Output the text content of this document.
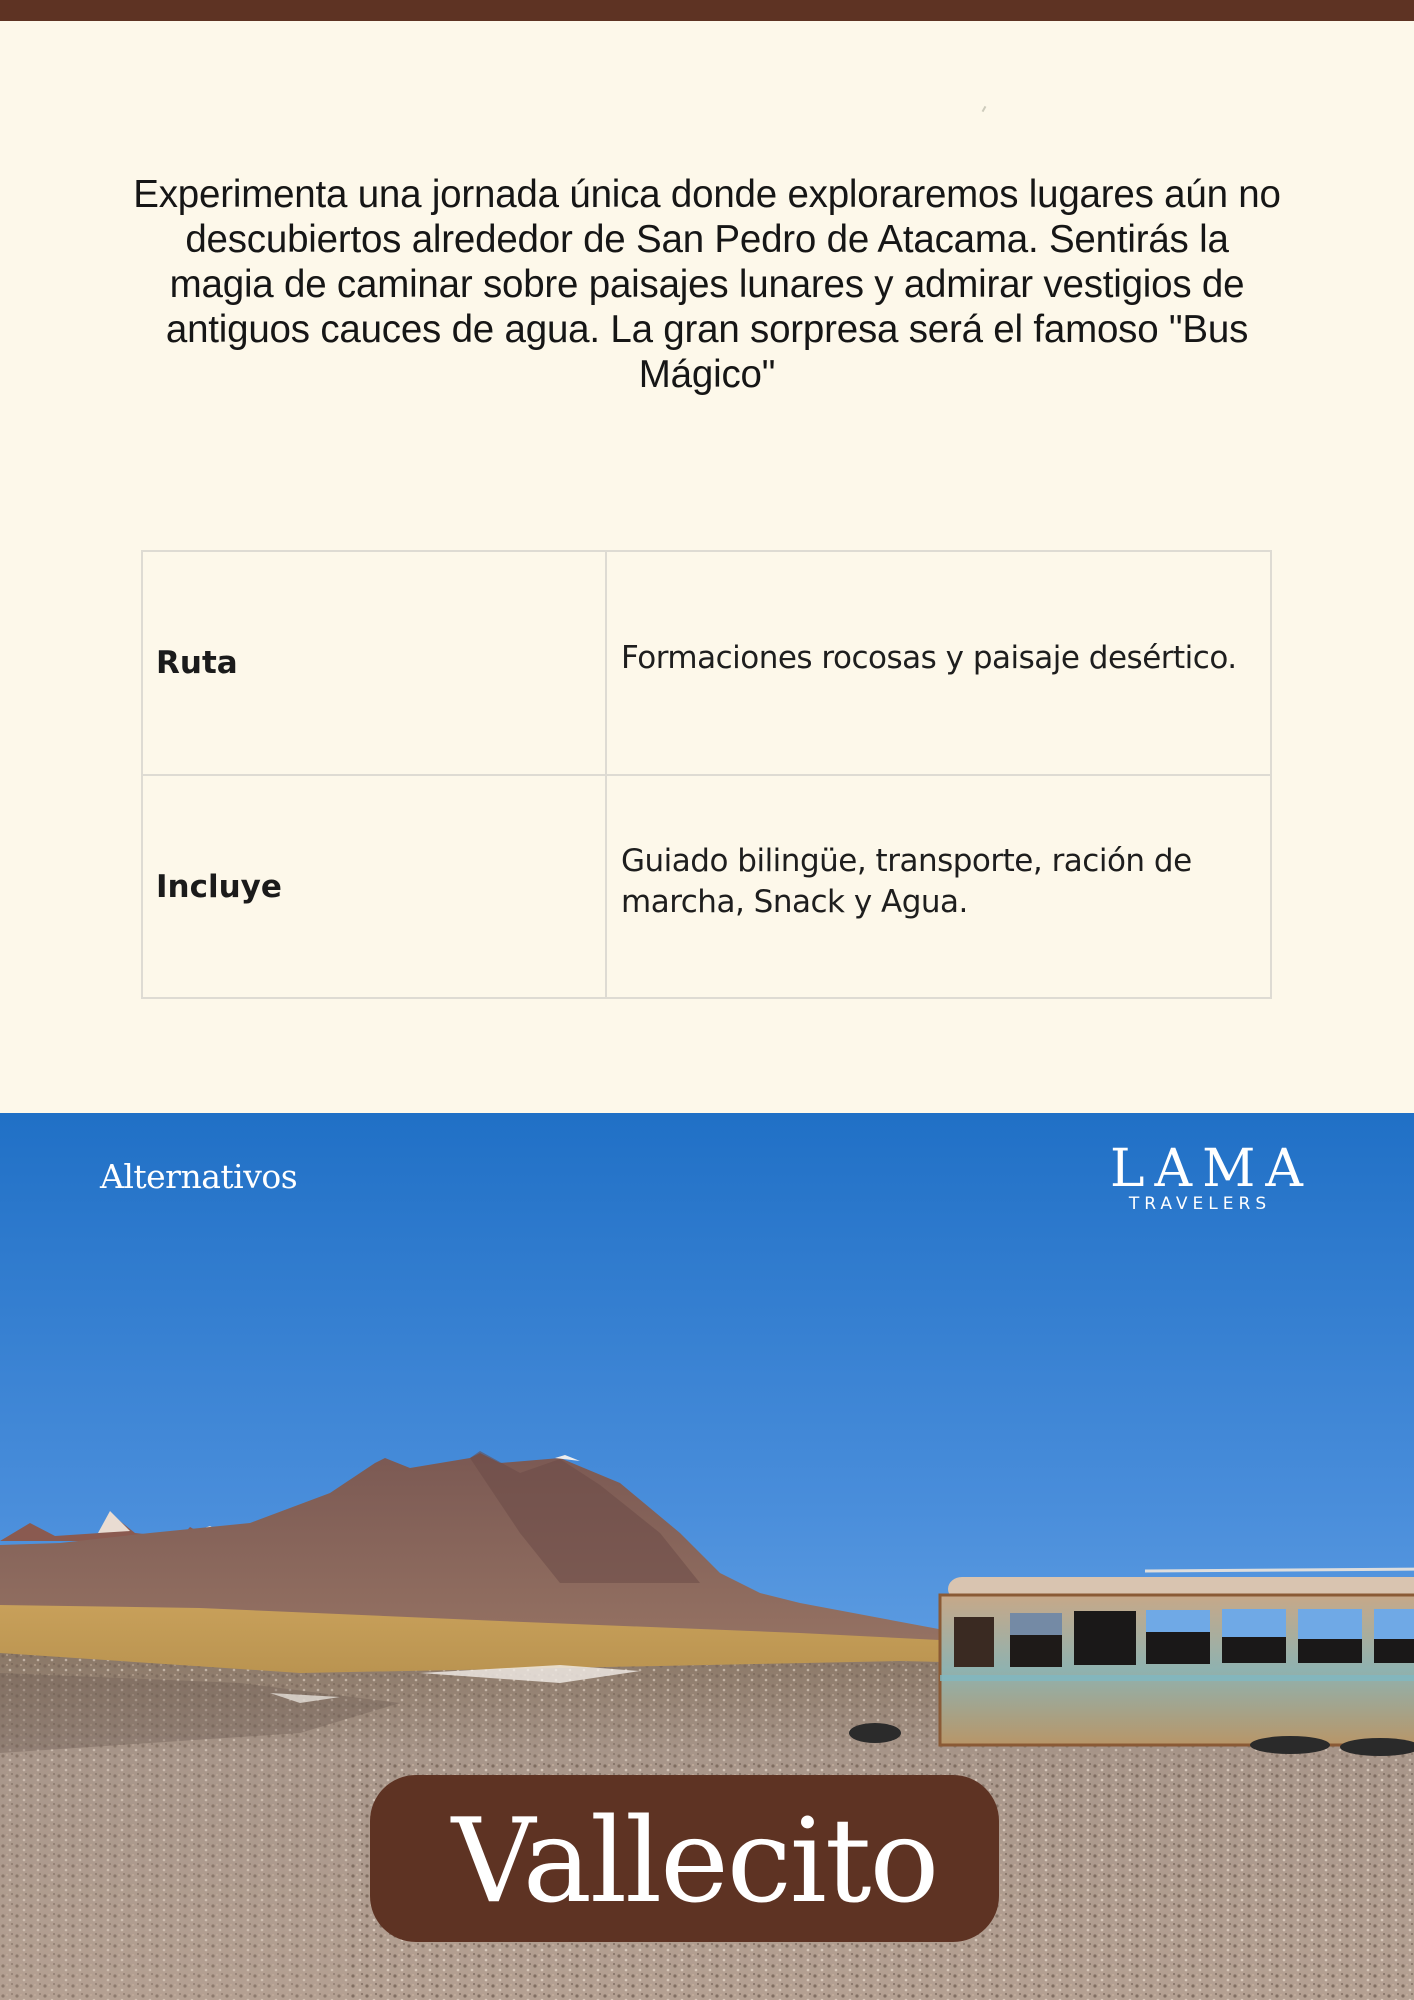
Experimenta una jornada única donde exploraremos lugares aún no descubiertos alrededor de San Pedro de Atacama. Sentirás la magia de caminar sobre paisajes lunares y admirar vestigios de antiguos cauces de agua. La gran sorpresa será el famoso "Bus Mágico"

Ruta	Formaciones rocosas y paisaje desértico.
Incluye
Guiado bilingüe, transporte, ración de marcha, Snack y Agua.
Alternativos	LAMA
TRAVELERS
Vallecito
